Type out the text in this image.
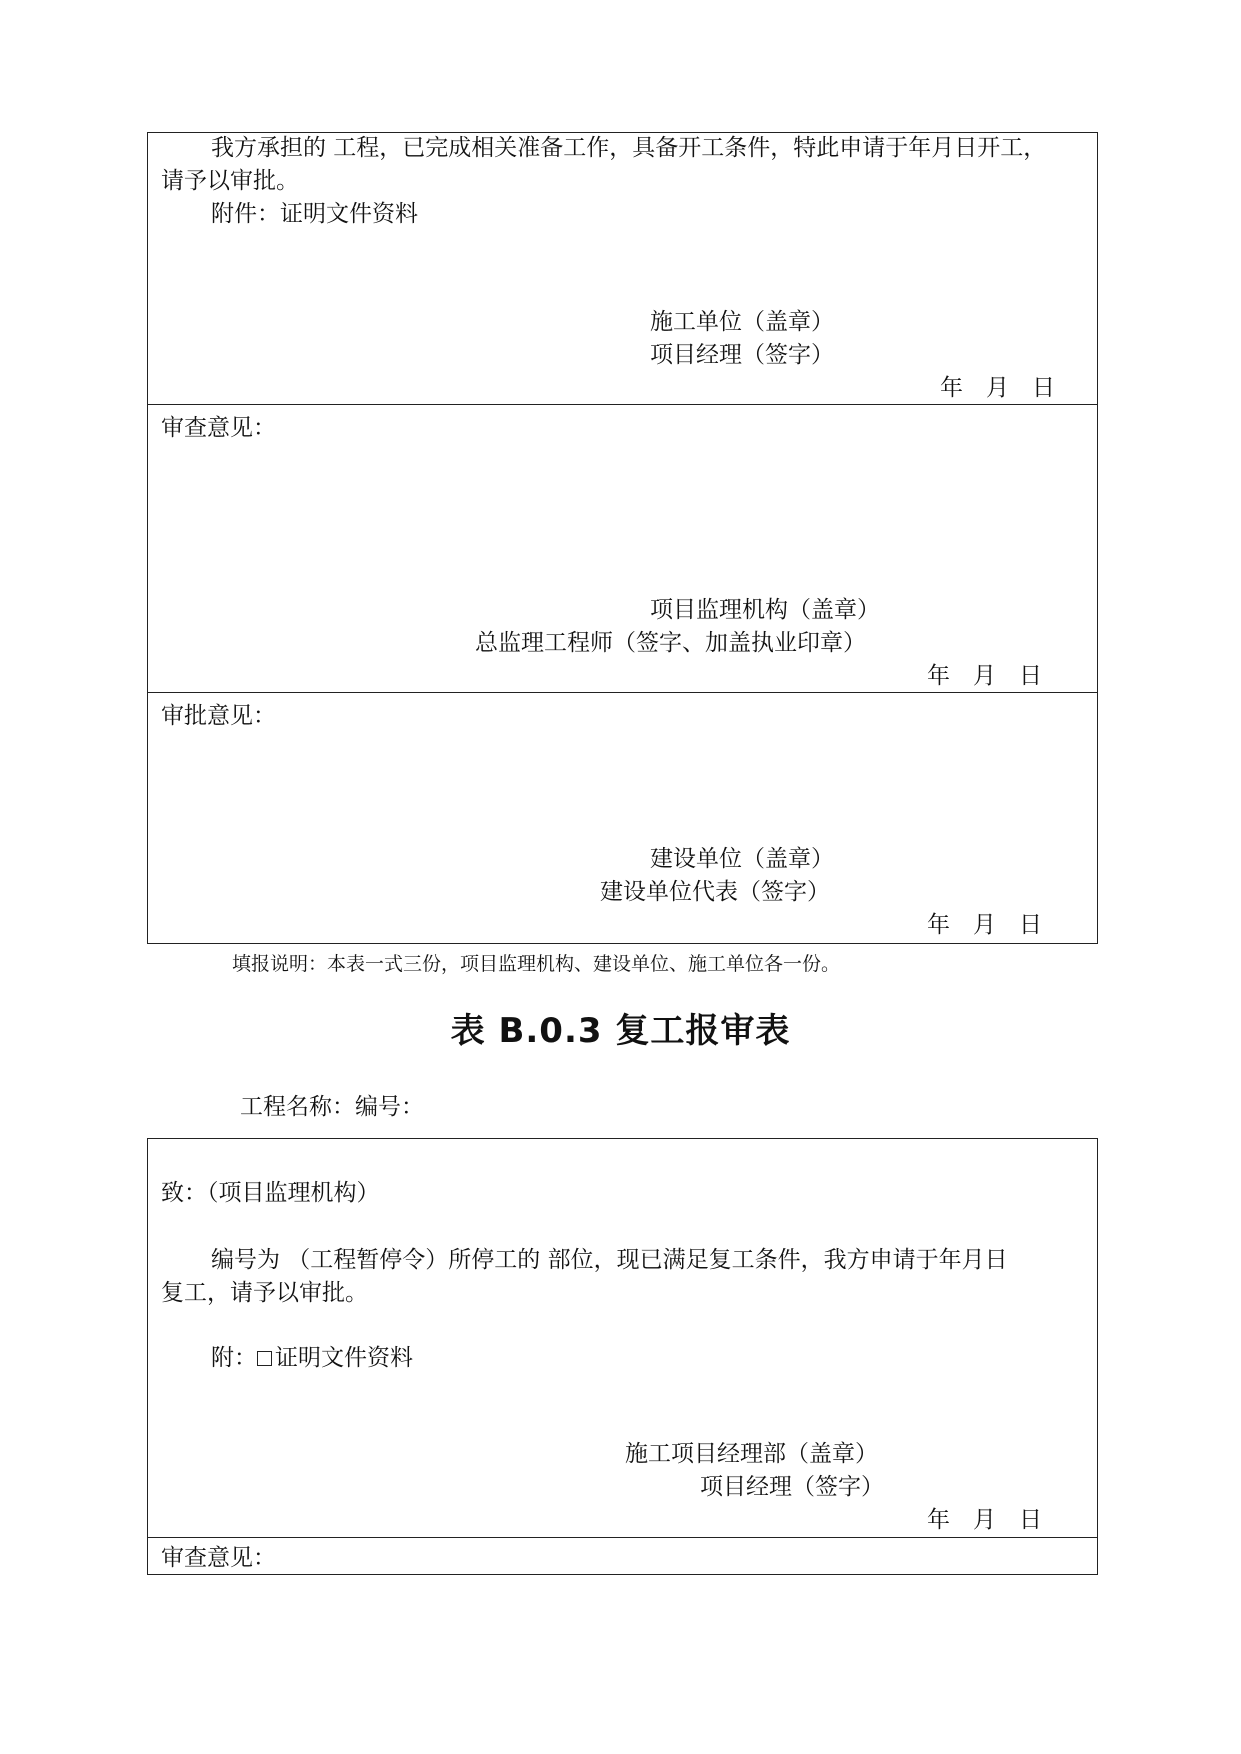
我方承担的 工程，已完成相关准备工作，具备开工条件，特此申请于年月日开工，
请予以审批。
附件：证明文件资料
施工单位（盖章）
项目经理（签字）
年　月　日
审查意见：
项目监理机构（盖章）
总监理工程师（签字、加盖执业印章）
年　月　日
审批意见：
建设单位（盖章）
建设单位代表（签字）
年　月　日
填报说明：本表一式三份，项目监理机构、建设单位、施工单位各一份。
表 B.0.3 复工报审表
工程名称：编号：
致：（项目监理机构）
编号为 （工程暂停令）所停工的 部位，现已满足复工条件，我方申请于年月日
复工，请予以审批。
附： 证明文件资料
施工项目经理部（盖章）
项目经理（签字）
年　月　日
审查意见：
